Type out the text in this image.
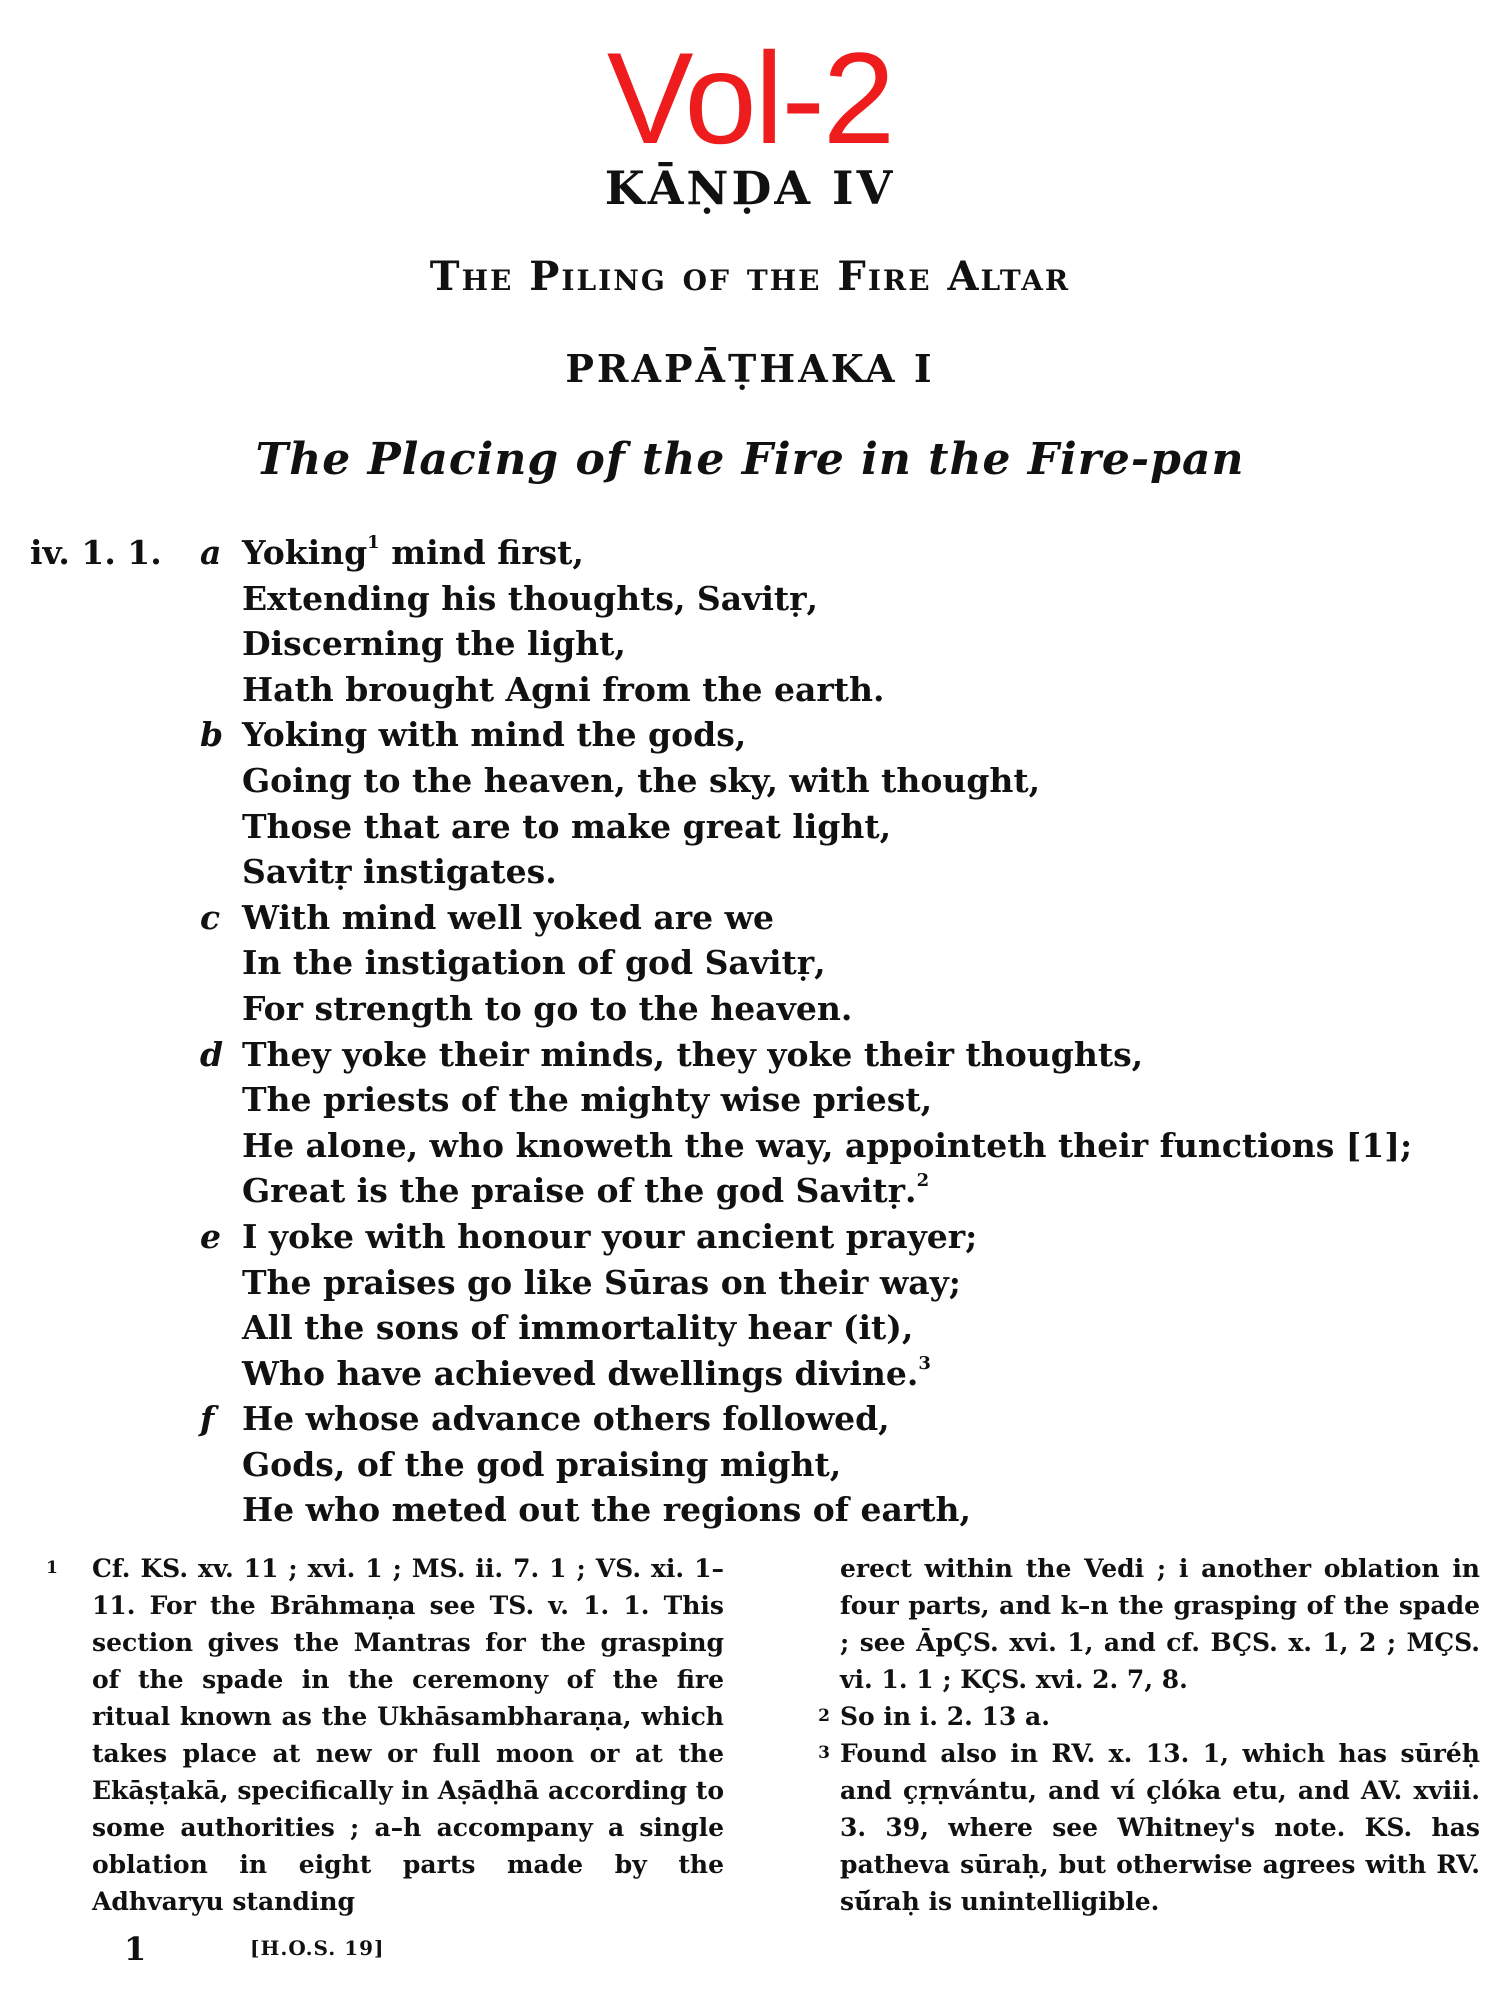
Vol-2
KĀṆḌA IV
The Piling of the Fire Altar
PRAPĀṬHAKA I
The Placing of the Fire in the Fire-pan
iv. 1. 1. a Yoking$^1$ mind first,
Extending his thoughts, Savitṛ,
Discerning the light,
Hath brought Agni from the earth.
b Yoking with mind the gods,
Going to the heaven, the sky, with thought,
Those that are to make great light,
Savitṛ instigates.
c With mind well yoked are we
In the instigation of god Savitṛ,
For strength to go to the heaven.
d They yoke their minds, they yoke their thoughts,
The priests of the mighty wise priest,
He alone, who knoweth the way, appointeth their functions [1];
Great is the praise of the god Savitṛ.$^2$
e I yoke with honour your ancient prayer;
The praises go like Sūras on their way;
All the sons of immortality hear (it),
Who have achieved dwellings divine.$^3$
f He whose advance others followed,
Gods, of the god praising might,
He who meted out the regions of earth,
1 Cf. KS. xv. 11 ; xvi. 1 ; MS. ii. 7. 1 ; VS. xi. 1–11. For the Brāhmaṇa see TS. v. 1. 1. This section gives the Mantras for the grasping of the spade in the ceremony of the fire ritual known as the Ukhāsambharaṇa, which takes place at new or full moon or at the Ekāṣṭakā, specifically in Aṣāḍhā according to some authorities ; a–h accompany a single oblation in eight parts made by the Adhvaryu standing

erect within the Vedi ; i another oblation in four parts, and k–n the grasping of the spade ; see ĀpÇS. xvi. 1, and cf. BÇS. x. 1, 2 ; MÇS. vi. 1. 1 ; KÇS. xvi. 2. 7, 8.

2 So in i. 2. 13 a.

3 Found also in RV. x. 13. 1, which has sūréḥ and çṛṇvántu, and ví çlóka etu, and AV. xviii. 3. 39, where see Whitney's note. KS. has patheva sūraḥ, but otherwise agrees with RV. sū́raḥ is unintelligible.

1	[H.O.S. 19]
